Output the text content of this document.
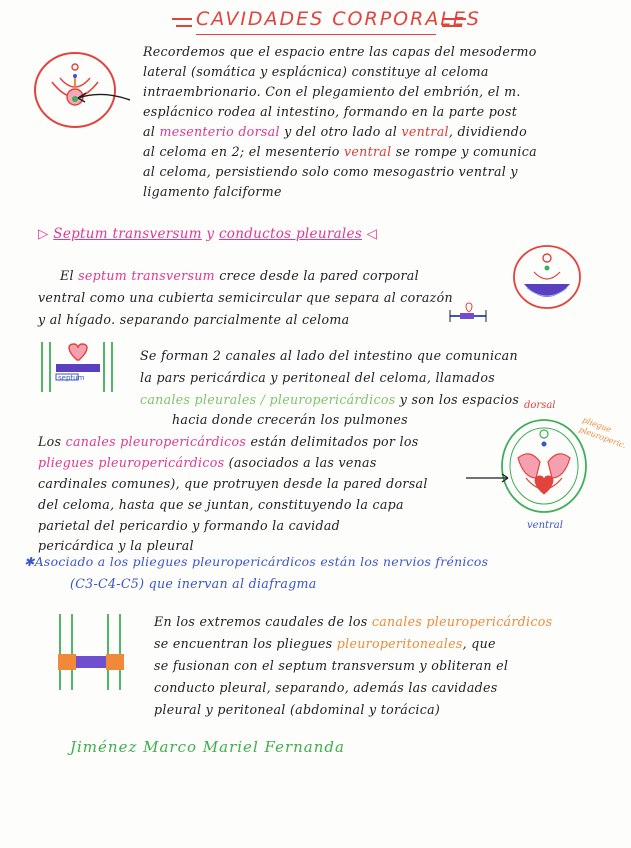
CAVIDADES CORPORALES
Recordemos que el espacio entre las capas del mesodermo
lateral (somática y esplácnica) constituye al celoma
intraembrionario. Con el plegamiento del embrión, el m.
esplácnico rodea al intestino, formando en la parte post
al mesenterio dorsal y del otro lado al ventral, dividiendo
al celoma en 2; el mesenterio ventral se rompe y comunica
al celoma, persistiendo solo como mesogastrio ventral y
ligamento falciforme
▷ Septum transversum y conductos pleurales ◁
El septum transversum crece desde la pared corporal
ventral como una cubierta semicircular que separa al corazón
y al hígado. separando parcialmente al celoma
septum
Se forman 2 canales al lado del intestino que comunican
la pars pericárdica y peritoneal del celoma, llamados
canales pleurales / pleuropericárdicos y son los espacios
hacia donde crecerán los pulmones
Los canales pleuropericárdicos están delimitados por los
pliegues pleuropericárdicos (asociados a las venas
cardinales comunes), que protruyen desde la pared dorsal
del celoma, hasta que se juntan, constituyendo la capa
parietal del pericardio y formando la cavidad
pericárdica y la pleural
dorsal
ventral
pliegue pleuroperic.
✱Asociado a los pliegues pleuropericárdicos están los nervios frénicos
(C3-C4-C5) que inervan al diafragma
En los extremos caudales de los canales pleuropericárdicos
se encuentran los pliegues pleuroperitoneales, que
se fusionan con el septum transversum y obliteran el
conducto pleural, separando, además las cavidades
pleural y peritoneal (abdominal y torácica)
Jiménez Marco Mariel Fernanda
